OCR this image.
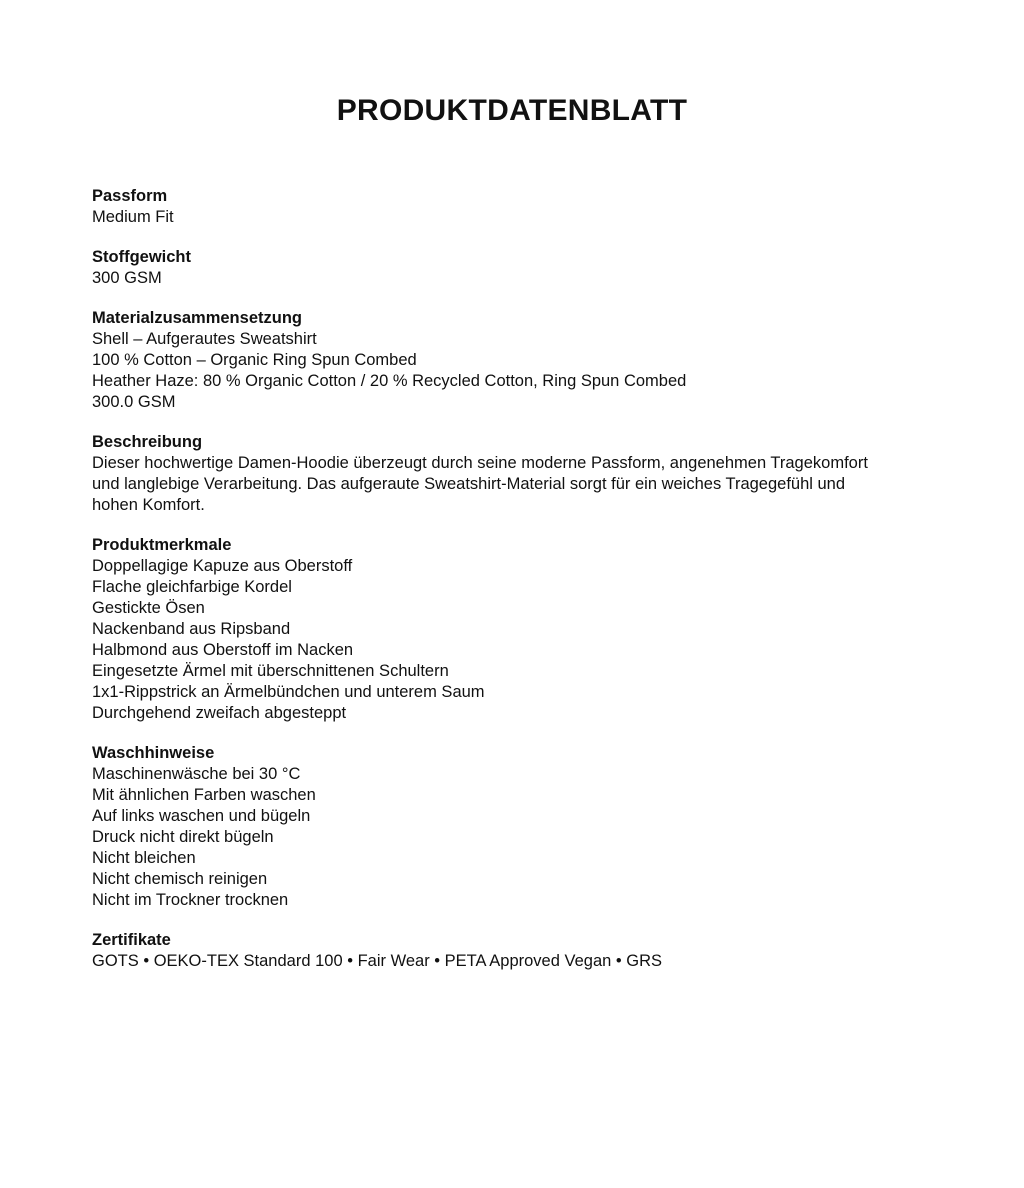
PRODUKTDATENBLATT

Passform

Medium Fit

Stoffgewicht

300 GSM

Materialzusammensetzung

Shell – Aufgerautes Sweatshirt

100 % Cotton – Organic Ring Spun Combed

Heather Haze: 80 % Organic Cotton / 20 % Recycled Cotton, Ring Spun Combed

300.0 GSM

Beschreibung

Dieser hochwertige Damen-Hoodie überzeugt durch seine moderne Passform, angenehmen Tragekomfort

und langlebige Verarbeitung. Das aufgeraute Sweatshirt-Material sorgt für ein weiches Tragegefühl und

hohen Komfort.

Produktmerkmale

Doppellagige Kapuze aus Oberstoff

Flache gleichfarbige Kordel

Gestickte Ösen

Nackenband aus Ripsband

Halbmond aus Oberstoff im Nacken

Eingesetzte Ärmel mit überschnittenen Schultern

1x1-Rippstrick an Ärmelbündchen und unterem Saum

Durchgehend zweifach abgesteppt

Waschhinweise

Maschinenwäsche bei 30 °C

Mit ähnlichen Farben waschen

Auf links waschen und bügeln

Druck nicht direkt bügeln

Nicht bleichen

Nicht chemisch reinigen

Nicht im Trockner trocknen

Zertifikate

GOTS • OEKO-TEX Standard 100 • Fair Wear • PETA Approved Vegan • GRS
